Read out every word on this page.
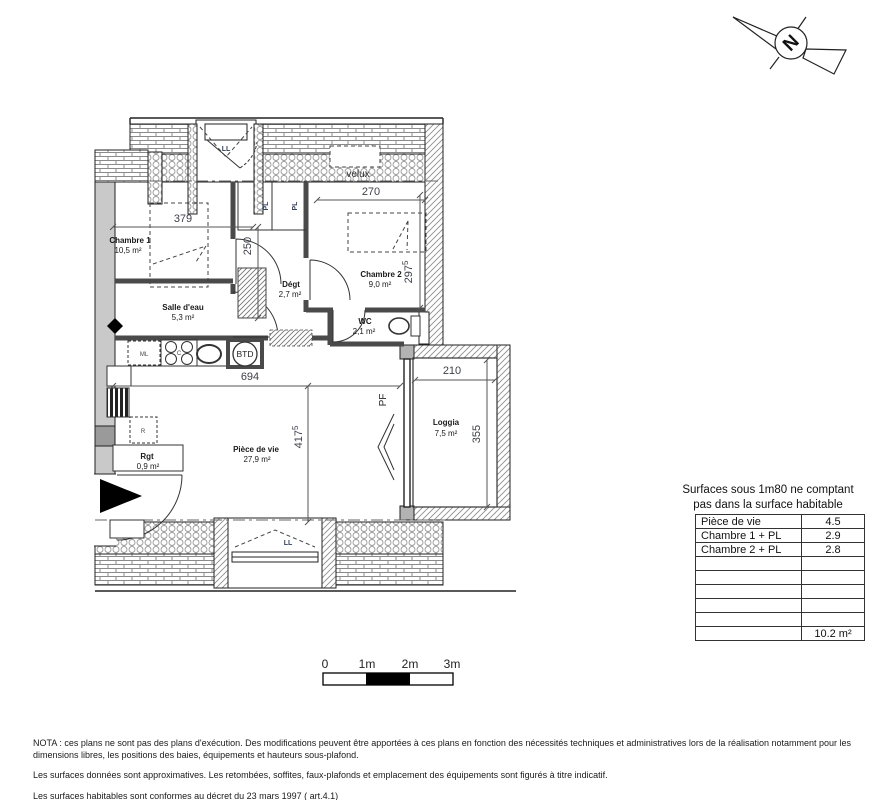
N
379
250
270
$297^5$
694
$417^5$
210
355
Chambre 1
10,5 m²
Chambre 2
9,0 m²
Dégt
2,7 m²
WC
2,1 m²
Salle d'eau
5,3 m²
Pièce de vie
27,9 m²
Rgt
0,9 m²
Loggia
7,5 m²
velux
PL	PL
PF
ML	C	BTD
LL
LL
R
0	1m 2m 3m
Surfaces sous 1m80 ne comptant
pas dans la surface habitable
Pièce de vie	4.5
Chambre 1 + PL	2.9
Chambre 2 + PL	2.8

	10.2 m²

NOTA : ces plans ne sont pas des plans d'exécution. Des modifications peuvent être apportées à ces plans en fonction des nécessités techniques et administratives lors de la réalisation notamment pour les dimensions libres, les positions des baies, équipements et hauteurs sous-plafond.

Les surfaces données sont approximatives. Les retombées, soffites, faux-plafonds et emplacement des équipements sont figurés à titre indicatif.

Les surfaces habitables sont conformes au décret du 23 mars 1997 ( art.4.1)
